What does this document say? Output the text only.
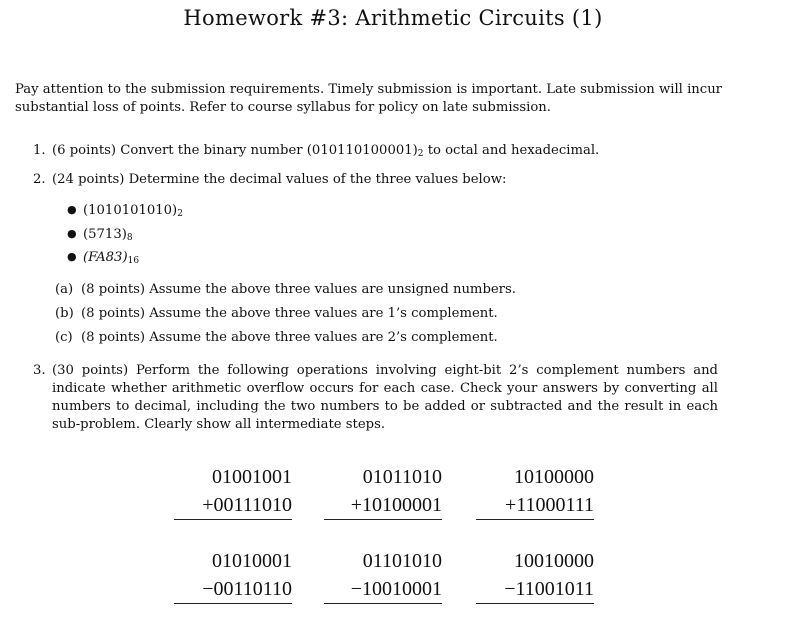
Homework #3: Arithmetic Circuits (1)
Pay attention to the submission requirements. Timely submission is important. Late submission will incur substantial loss of points. Refer to course syllabus for policy on late submission.
1. (6 points) Convert the binary number $(010110100001)_2$ to octal and hexadecimal.
2. (24 points) Determine the decimal values of the three values below:
● $(1010101010)_2$
● $(5713)_8$
● $(FA83)_{16}$
(a) (8 points) Assume the above three values are unsigned numbers.
(b) (8 points) Assume the above three values are 1’s complement.
(c) (8 points) Assume the above three values are 2’s complement.
3. (30 points) Perform the following operations involving eight-bit 2’s complement numbers and indicate whether arithmetic overflow occurs for each case. Check your answers by converting all numbers to decimal, including the two numbers to be added or subtracted and the result in each sub-problem. Clearly show all intermediate steps.
01001001
+00111010
01011010
+10100001
10100000
+11000111
01010001
−00110110
01101010
−10010001
10010000
−11001011
